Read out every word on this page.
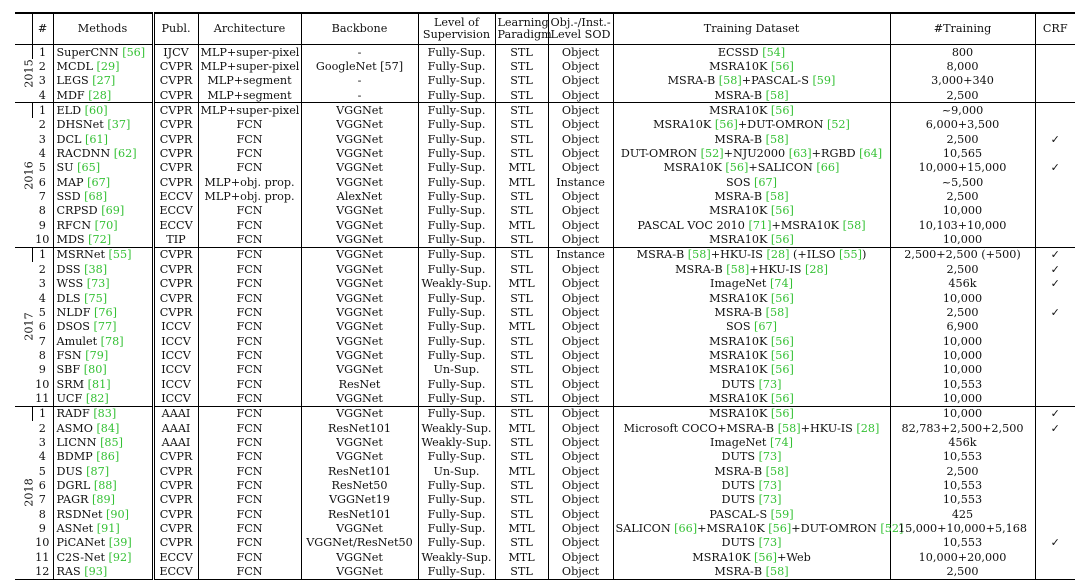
	#	Methods	Publ.	Architecture	Backbone	Level of Supervision	Learning Paradigm	Obj.-/Inst.- Level SOD	Training Dataset	#Training	CRF
2015	1	SuperCNN [56]	IJCV	MLP+super-pixel	-	Fully-Sup.	STL	Object	ECSSD [54]	800	
	2	MCDL [29]	CVPR	MLP+super-pixel	GoogleNet [57]	Fully-Sup.	STL	Object	MSRA10K [56]	8,000	
	3	LEGS [27]	CVPR	MLP+segment	-	Fully-Sup.	STL	Object	MSRA-B [58]+PASCAL-S [59]	3,000+340	
	4	MDF [28]	CVPR	MLP+segment	-	Fully-Sup.	STL	Object	MSRA-B [58]	2,500	
2016	1	ELD [60]	CVPR	MLP+super-pixel	VGGNet	Fully-Sup.	STL	Object	MSRA10K [56]	~9,000	
	2	DHSNet [37]	CVPR	FCN	VGGNet	Fully-Sup.	STL	Object	MSRA10K [56]+DUT-OMRON [52]	6,000+3,500	
	3	DCL [61]	CVPR	FCN	VGGNet	Fully-Sup.	STL	Object	MSRA-B [58]	2,500	✓
	4	RACDNN [62]	CVPR	FCN	VGGNet	Fully-Sup.	STL	Object	DUT-OMRON [52]+NJU2000 [63]+RGBD [64]	10,565	
	5	SU [65]	CVPR	FCN	VGGNet	Fully-Sup.	MTL	Object	MSRA10K [56]+SALICON [66]	10,000+15,000	✓
	6	MAP [67]	CVPR	MLP+obj. prop.	VGGNet	Fully-Sup.	MTL	Instance	SOS [67]	~5,500	
	7	SSD [68]	ECCV	MLP+obj. prop.	AlexNet	Fully-Sup.	STL	Object	MSRA-B [58]	2,500	
	8	CRPSD [69]	ECCV	FCN	VGGNet	Fully-Sup.	STL	Object	MSRA10K [56]	10,000	
	9	RFCN [70]	ECCV	FCN	VGGNet	Fully-Sup.	MTL	Object	PASCAL VOC 2010 [71]+MSRA10K [58]	10,103+10,000	
	10	MDS [72]	TIP	FCN	VGGNet	Fully-Sup.	STL	Object	MSRA10K [56]	10,000	
2017	1	MSRNet [55]	CVPR	FCN	VGGNet	Fully-Sup.	STL	Instance	MSRA-B [58]+HKU-IS [28] (+ILSO [55])	2,500+2,500 (+500)	✓
	2	DSS [38]	CVPR	FCN	VGGNet	Fully-Sup.	STL	Object	MSRA-B [58]+HKU-IS [28]	2,500	✓
	3	WSS [73]	CVPR	FCN	VGGNet	Weakly-Sup.	MTL	Object	ImageNet [74]	456k	✓
	4	DLS [75]	CVPR	FCN	VGGNet	Fully-Sup.	STL	Object	MSRA10K [56]	10,000	
	5	NLDF [76]	CVPR	FCN	VGGNet	Fully-Sup.	STL	Object	MSRA-B [58]	2,500	✓
	6	DSOS [77]	ICCV	FCN	VGGNet	Fully-Sup.	MTL	Object	SOS [67]	6,900	
	7	Amulet [78]	ICCV	FCN	VGGNet	Fully-Sup.	STL	Object	MSRA10K [56]	10,000	
	8	FSN [79]	ICCV	FCN	VGGNet	Fully-Sup.	STL	Object	MSRA10K [56]	10,000	
	9	SBF [80]	ICCV	FCN	VGGNet	Un-Sup.	STL	Object	MSRA10K [56]	10,000	
	10	SRM [81]	ICCV	FCN	ResNet	Fully-Sup.	STL	Object	DUTS [73]	10,553	
	11	UCF [82]	ICCV	FCN	VGGNet	Fully-Sup.	STL	Object	MSRA10K [56]	10,000	
2018	1	RADF [83]	AAAI	FCN	VGGNet	Fully-Sup.	STL	Object	MSRA10K [56]	10,000	✓
	2	ASMO [84]	AAAI	FCN	ResNet101	Weakly-Sup.	MTL	Object	Microsoft COCO+MSRA-B [58]+HKU-IS [28]	82,783+2,500+2,500	✓
	3	LICNN [85]	AAAI	FCN	VGGNet	Weakly-Sup.	STL	Object	ImageNet [74]	456k	
	4	BDMP [86]	CVPR	FCN	VGGNet	Fully-Sup.	STL	Object	DUTS [73]	10,553	
	5	DUS [87]	CVPR	FCN	ResNet101	Un-Sup.	MTL	Object	MSRA-B [58]	2,500	
	6	DGRL [88]	CVPR	FCN	ResNet50	Fully-Sup.	STL	Object	DUTS [73]	10,553	
	7	PAGR [89]	CVPR	FCN	VGGNet19	Fully-Sup.	STL	Object	DUTS [73]	10,553	
	8	RSDNet [90]	CVPR	FCN	ResNet101	Fully-Sup.	STL	Object	PASCAL-S [59]	425	
	9	ASNet [91]	CVPR	FCN	VGGNet	Fully-Sup.	MTL	Object	SALICON [66]+MSRA10K [56]+DUT-OMRON [52]	15,000+10,000+5,168	
	10	PiCANet [39]	CVPR	FCN	VGGNet/ResNet50	Fully-Sup.	STL	Object	DUTS [73]	10,553	✓
	11	C2S-Net [92]	ECCV	FCN	VGGNet	Weakly-Sup.	MTL	Object	MSRA10K [56]+Web	10,000+20,000	
	12	RAS [93]	ECCV	FCN	VGGNet	Fully-Sup.	STL	Object	MSRA-B [58]	2,500	
